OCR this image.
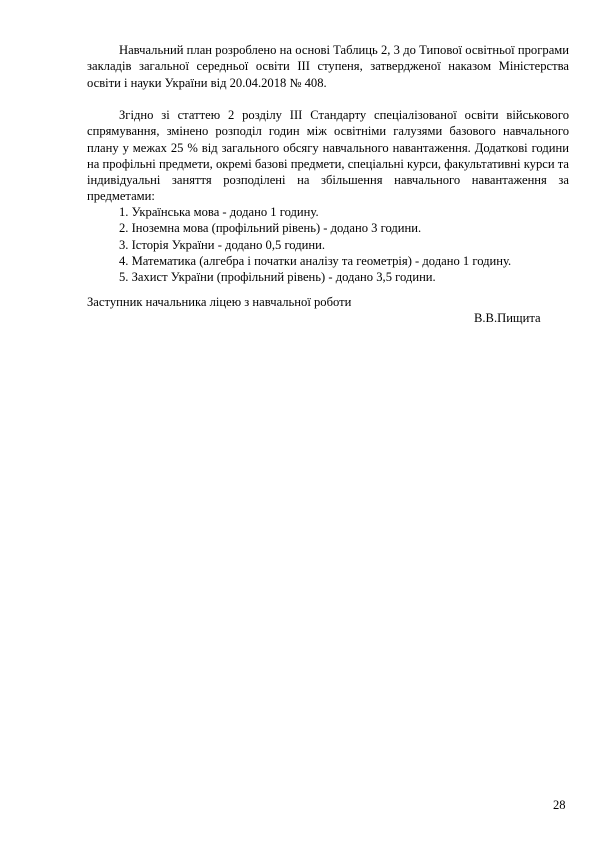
Навчальний план розроблено на основі Таблиць 2, 3 до Типової освітньої програми закладів загальної середньої освіти ІІІ ступеня, затвердженої наказом Міністерства освіти і науки України від 20.04.2018 № 408.

Згідно зі статтею 2 розділу ІІІ Стандарту спеціалізованої освіти військового спрямування, змінено розподіл годин між освітніми галузями базового навчального плану у межах 25 % від загального обсягу навчального навантаження. Додаткові години на профільні предмети, окремі базові предмети, спеціальні курси, факультативні курси та індивідуальні заняття розподілені на збільшення навчального навантаження за предметами:

1. Українська мова - додано 1 годину.
2. Іноземна мова (профільний рівень) - додано 3 години.
3. Історія України - додано 0,5 години.
4. Математика (алгебра і початки аналізу та геометрія) - додано 1 годину.
5. Захист України (профільний рівень) - додано 3,5 години.
Заступник начальника ліцею з навчальної роботи
В.В.Пищита
28
